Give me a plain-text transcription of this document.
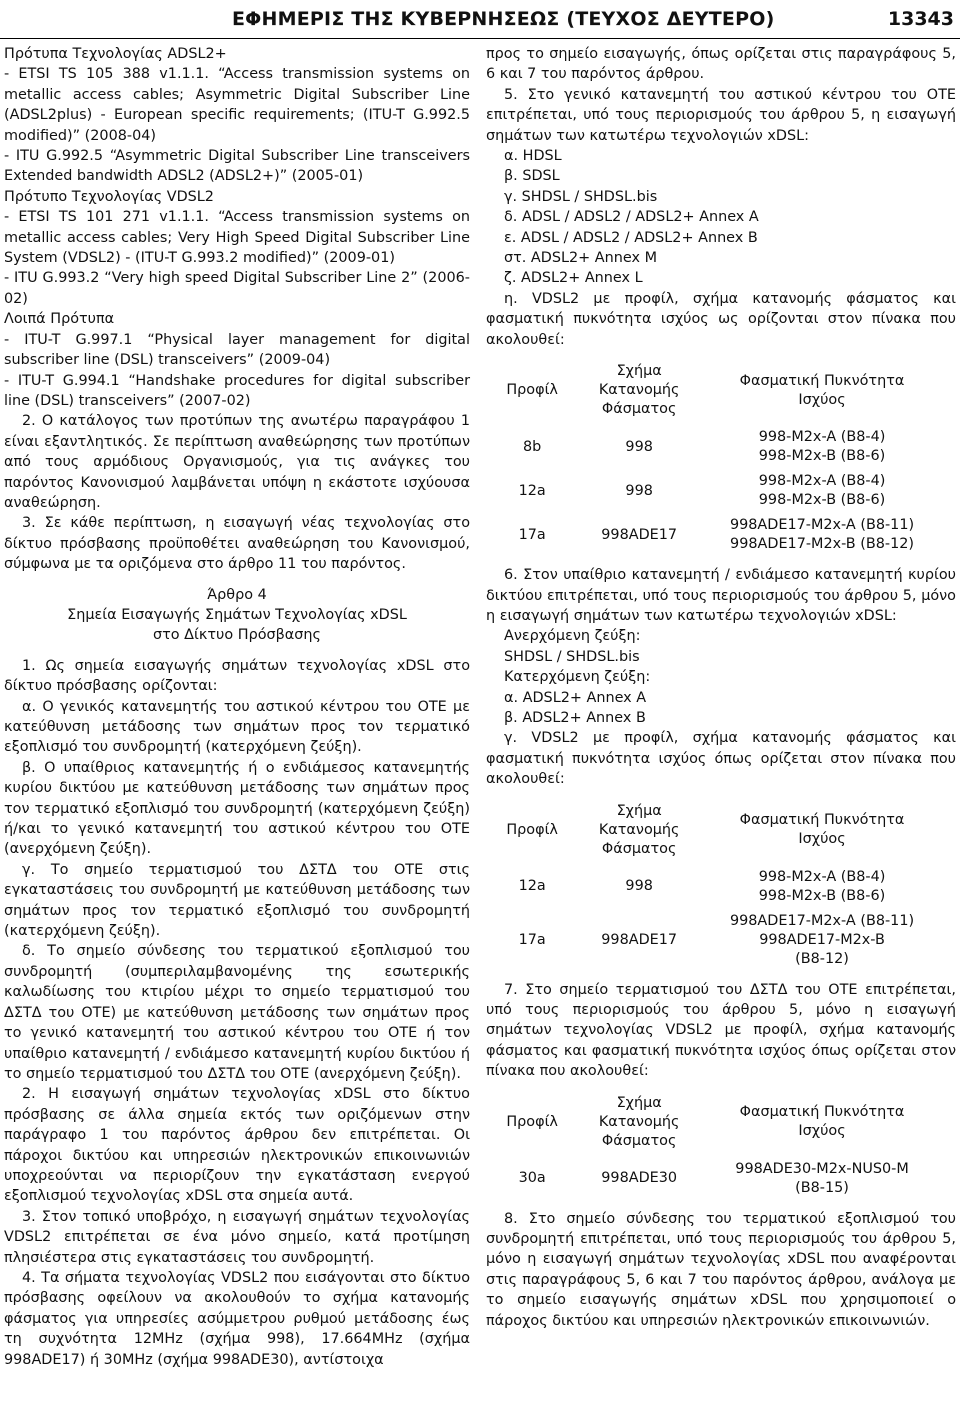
ΕΦΗΜΕΡΙΣ ΤΗΣ ΚΥΒΕΡΝΗΣΕΩΣ (ΤΕΥΧΟΣ ΔΕΥΤΕΡΟ)	13343

Πρότυπα Τεχνολογίας ADSL2+

- ETSI TS 105 388 v1.1.1. “Access transmission systems on metallic access cables; Asymmetric Digital Subscriber Line (ADSL2plus) - European specific requirements; (ITU-T G.992.5 modified)” (2008-04)

- ITU G.992.5 “Asymmetric Digital Subscriber Line transceivers Extended bandwidth ADSL2 (ADSL2+)” (2005-01)

Πρότυπο Τεχνολογίας VDSL2

- ETSI TS 101 271 v1.1.1. “Access transmission systems on metallic access cables; Very High Speed Digital Subscriber Line System (VDSL2) - (ITU-T G.993.2 modified)” (2009-01)

- ITU G.993.2 “Very high speed Digital Subscriber Line 2” (2006-02)

Λοιπά Πρότυπα

- ITU-T G.997.1 “Physical layer management for digital subscriber line (DSL) transceivers” (2009-04)

- ITU-T G.994.1 “Handshake procedures for digital subscriber line (DSL) transceivers” (2007-02)

2. Ο κατάλογος των προτύπων της ανωτέρω παραγράφου 1 είναι εξαντλητικός. Σε περίπτωση αναθεώρησης των προτύπων από τους αρμόδιους Οργανισμούς, για τις ανάγκες του παρόντος Κανονισμού λαμβάνεται υπόψη η εκάστοτε ισχύουσα αναθεώρηση.

3. Σε κάθε περίπτωση, η εισαγωγή νέας τεχνολογίας στο δίκτυο πρόσβασης προϋποθέτει αναθεώρηση του Κανονισμού, σύμφωνα με τα οριζόμενα στο άρθρο 11 του παρόντος.

Άρθρο 4

Σημεία Εισαγωγής Σημάτων Τεχνολογίας xDSL

στο Δίκτυο Πρόσβασης

1. Ως σημεία εισαγωγής σημάτων τεχνολογίας xDSL στο δίκτυο πρόσβασης ορίζονται:

α. Ο γενικός κατανεμητής του αστικού κέντρου του ΟΤΕ με κατεύθυνση μετάδοσης των σημάτων προς τον τερματικό εξοπλισμό του συνδρομητή (κατερχόμενη ζεύξη).

β. Ο υπαίθριος κατανεμητής ή ο ενδιάμεσος κατανεμητής κυρίου δικτύου με κατεύθυνση μετάδοσης των σημάτων προς τον τερματικό εξοπλισμό του συνδρομητή (κατερχόμενη ζεύξη) ή/και το γενικό κατανεμητή του αστικού κέντρου του ΟΤΕ (ανερχόμενη ζεύξη).

γ. Το σημείο τερματισμού του ΔΣΤΔ του ΟΤΕ στις εγκαταστάσεις του συνδρομητή με κατεύθυνση μετάδοσης των σημάτων προς τον τερματικό εξοπλισμό του συνδρομητή (κατερχόμενη ζεύξη).

δ. Το σημείο σύνδεσης του τερματικού εξοπλισμού του συνδρομητή (συμπεριλαμβανομένης της εσωτερικής καλωδίωσης του κτιρίου μέχρι το σημείο τερματισμού του ΔΣΤΔ του ΟΤΕ) με κατεύθυνση μετάδοσης των σημάτων προς το γενικό κατανεμητή του αστικού κέντρου του ΟΤΕ ή τον υπαίθριο κατανεμητή / ενδιάμεσο κατανεμητή κυρίου δικτύου ή το σημείο τερματισμού του ΔΣΤΔ του ΟΤΕ (ανερχόμενη ζεύξη).

2. Η εισαγωγή σημάτων τεχνολογίας xDSL στο δίκτυο πρόσβασης σε άλλα σημεία εκτός των οριζόμενων στην παράγραφο 1 του παρόντος άρθρου δεν επιτρέπεται. Οι πάροχοι δικτύου και υπηρεσιών ηλεκτρονικών επικοινωνιών υποχρεούνται να περιορίζουν την εγκατάσταση ενεργού εξοπλισμού τεχνολογίας xDSL στα σημεία αυτά.

3. Στον τοπικό υποβρόχο, η εισαγωγή σημάτων τεχνολογίας VDSL2 επιτρέπεται σε ένα μόνο σημείο, κατά προτίμηση πλησιέστερα στις εγκαταστάσεις του συνδρομητή.

4. Τα σήματα τεχνολογίας VDSL2 που εισάγονται στο δίκτυο πρόσβασης οφείλουν να ακολουθούν το σχήμα κατανομής φάσματος για υπηρεσίες ασύμμετρου ρυθμού μετάδοσης έως τη συχνότητα 12MHz (σχήμα 998), 17.664MHz (σχήμα 998ADE17) ή 30MHz (σχήμα 998ADE30), αντίστοιχα

προς το σημείο εισαγωγής, όπως ορίζεται στις παραγράφους 5, 6 και 7 του παρόντος άρθρου.

5. Στο γενικό κατανεμητή του αστικού κέντρου του ΟΤΕ επιτρέπεται, υπό τους περιορισμούς του άρθρου 5, η εισαγωγή σημάτων των κατωτέρω τεχνολογιών xDSL:

α. HDSL

β. SDSL

γ. SHDSL / SHDSL.bis

δ. ADSL / ADSL2 / ADSL2+ Annex A

ε. ADSL / ADSL2 / ADSL2+ Annex B

στ. ADSL2+ Annex M

ζ. ADSL2+ Annex L

η. VDSL2 με προφίλ, σχήμα κατανομής φάσματος και φασματική πυκνότητα ισχύος ως ορίζονται στον πίνακα που ακολουθεί:

Προφίλ	Σχήμα
Κατανομής
Φάσματος	Φασματική Πυκνότητα
Ισχύος
8b	998	998-M2x-A (B8-4)
998-M2x-B (B8-6)
12a	998	998-M2x-A (B8-4)
998-M2x-B (B8-6)
17a	998ADE17	998ADE17-M2x-A (B8-11)
998ADE17-M2x-B (B8-12)

6. Στον υπαίθριο κατανεμητή / ενδιάμεσο κατανεμητή κυρίου δικτύου επιτρέπεται, υπό τους περιορισμούς του άρθρου 5, μόνο η εισαγωγή σημάτων των κατωτέρω τεχνολογιών xDSL:

Ανερχόμενη ζεύξη:

SHDSL / SHDSL.bis

Κατερχόμενη ζεύξη:

α. ADSL2+ Annex A

β. ADSL2+ Annex B

γ. VDSL2 με προφίλ, σχήμα κατανομής φάσματος και φασματική πυκνότητα ισχύος όπως ορίζεται στον πίνακα που ακολουθεί:

Προφίλ	Σχήμα Κατανομής
Φάσματος	Φασματική Πυκνότητα
Ισχύος
12a	998	998-M2x-A (B8-4)
998-M2x-B (B8-6)
17a	998ADE17	998ADE17-M2x-A (B8-11)
998ADE17-M2x-B
(B8-12)

7. Στο σημείο τερματισμού του ΔΣΤΔ του ΟΤΕ επιτρέπεται, υπό τους περιορισμούς του άρθρου 5, μόνο η εισαγωγή σημάτων τεχνολογίας VDSL2 με προφίλ, σχήμα κατανομής φάσματος και φασματική πυκνότητα ισχύος όπως ορίζεται στον πίνακα που ακολουθεί:

Προφίλ	Σχήμα Κατανομής
Φάσματος	Φασματική Πυκνότητα
Ισχύος
30a	998ADE30	998ADE30-M2x-NUS0-M
(B8-15)

8. Στο σημείο σύνδεσης του τερματικού εξοπλισμού του συνδρομητή επιτρέπεται, υπό τους περιορισμούς του άρθρου 5, μόνο η εισαγωγή σημάτων τεχνολογίας xDSL που αναφέρονται στις παραγράφους 5, 6 και 7 του παρόντος άρθρου, ανάλογα με το σημείο εισαγωγής σημάτων xDSL που χρησιμοποιεί ο πάροχος δικτύου και υπηρεσιών ηλεκτρονικών επικοινωνιών.
